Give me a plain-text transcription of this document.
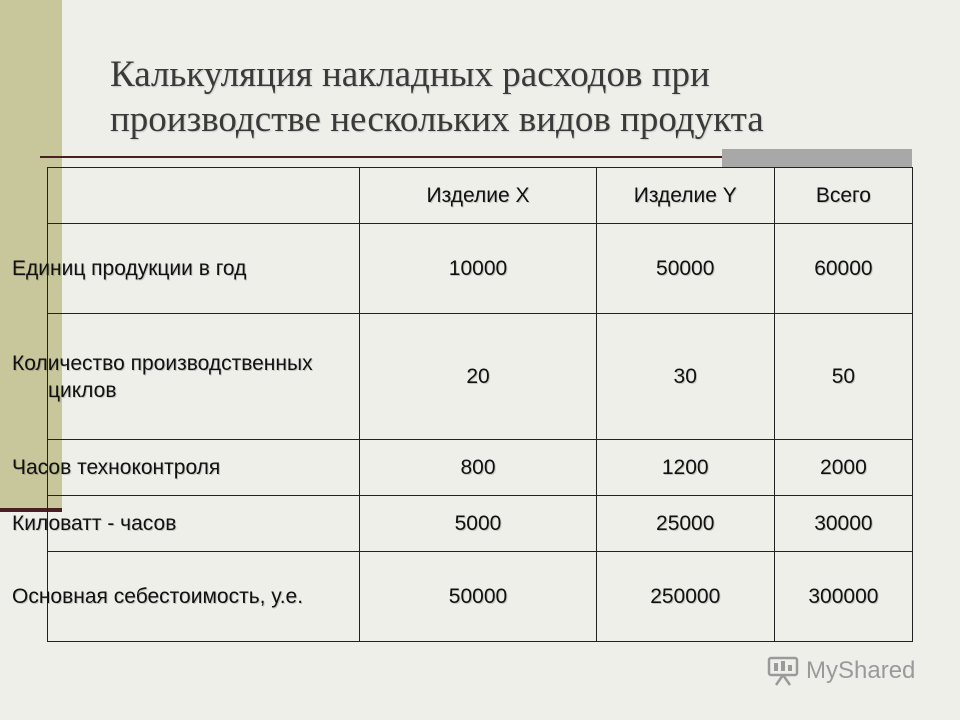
Калькуляция накладных расходов при
производстве нескольких видов продукта
	Изделие X	Изделие Y	Всего
Единиц продукции в год	10000	50000	60000
Количество производственных циклов	20	30	50
Часов техноконтроля	800	1200	2000
Киловатт - часов	5000	25000	30000
Основная себестоимость, у.е.	50000	250000	300000
MyShared
